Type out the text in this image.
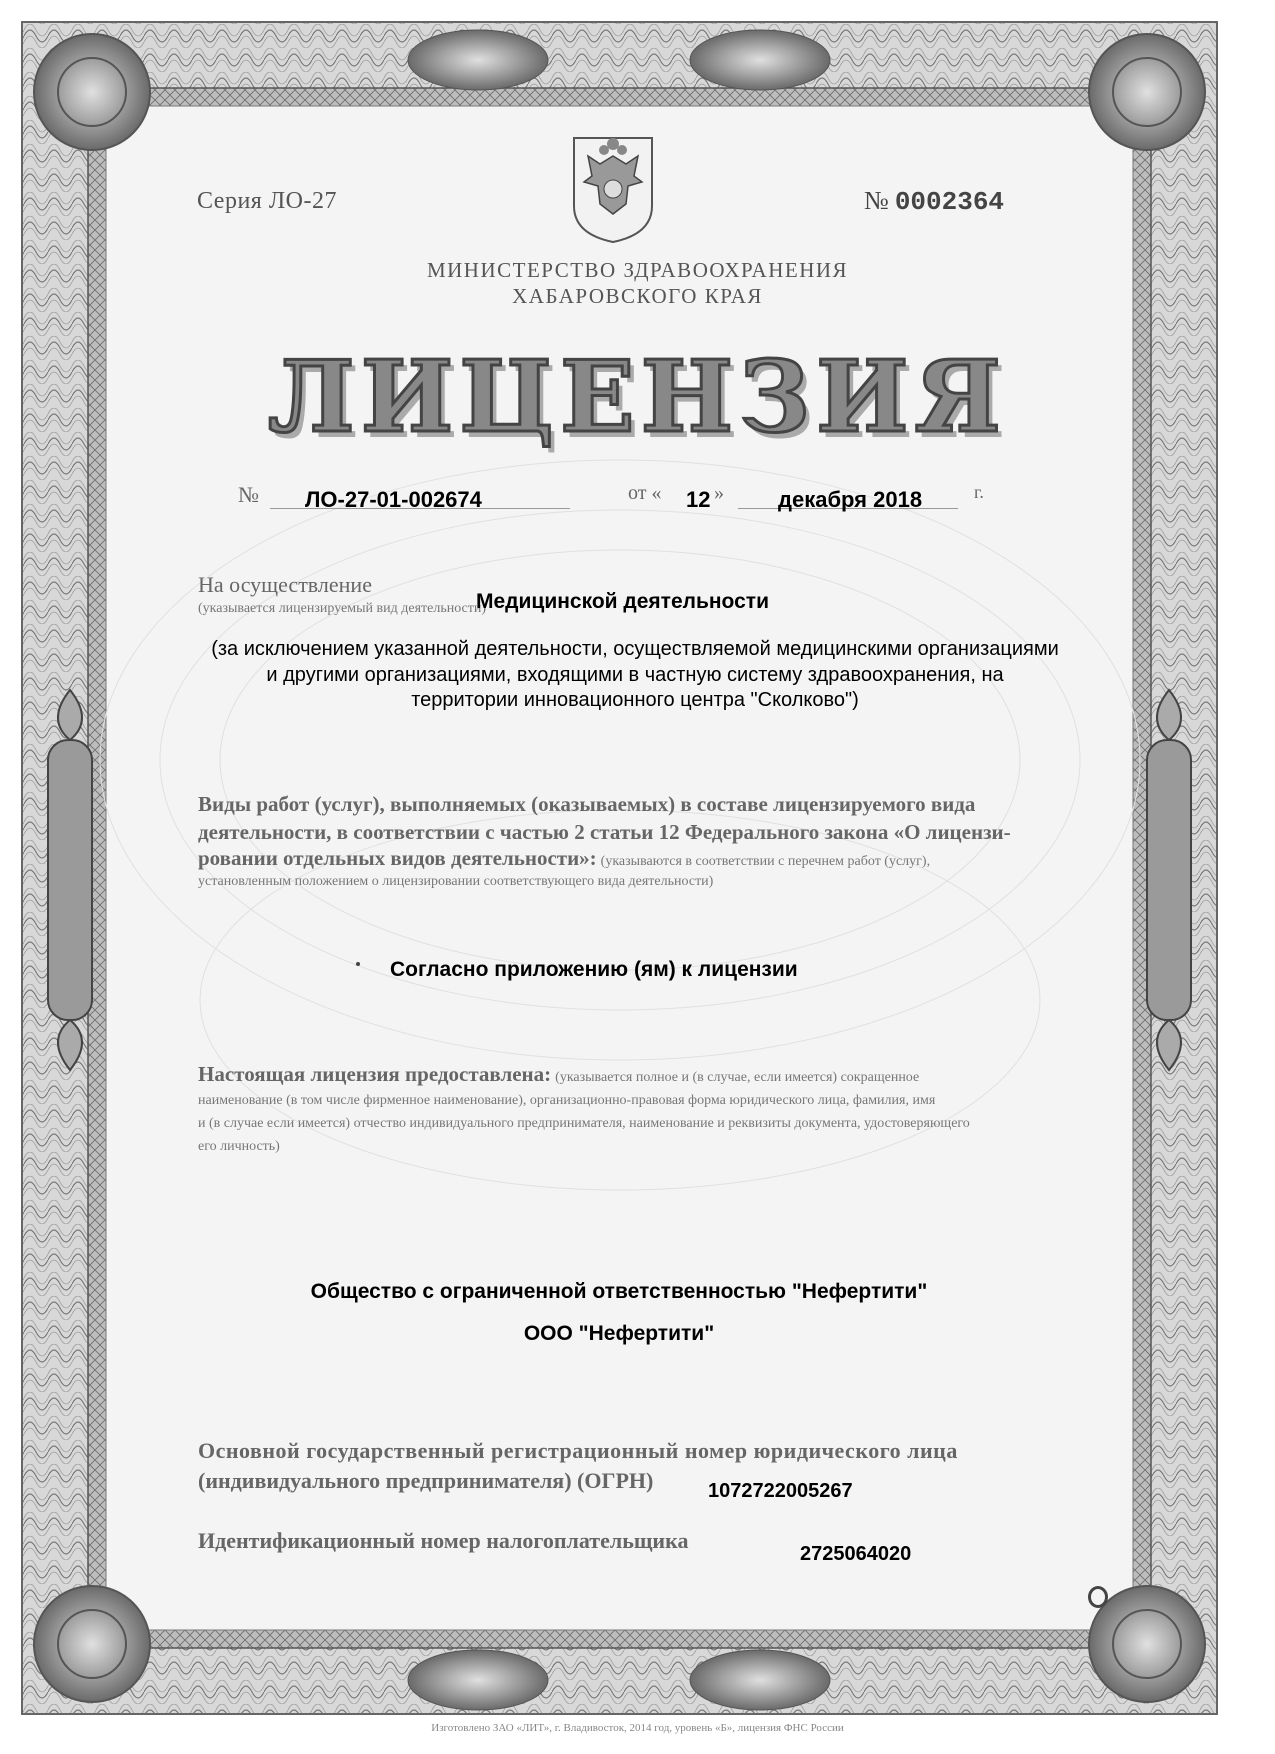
Серия ЛО-27	№ 0002364
МИНИСТЕРСТВО ЗДРАВООХРАНЕНИЯ
ХАБАРОВСКОГО КРАЯ
ЛИЦЕНЗИЯ
№ ЛО-27-01-002674	от « 12 » декабря 2018	г.
На осуществление
(указывается лицензируемый вид деятельности)
Медицинской деятельности
(за исключением указанной деятельности, осуществляемой медицинскими организациями
и другими организациями, входящими в частную систему здравоохранения, на
территории инновационного центра "Сколково")
Виды работ (услуг), выполняемых (оказываемых) в составе лицензируемого вида
деятельности, в соответствии с частью 2 статьи 12 Федерального закона «О лицензи-
ровании отдельных видов деятельности»: (указываются в соответствии с перечнем работ (услуг),
установленным положением о лицензировании соответствующего вида деятельности)
Согласно приложению (ям) к лицензии
Настоящая лицензия предоставлена: (указывается полное и (в случае, если имеется) сокращенное
наименование (в том числе фирменное наименование), организационно-правовая форма юридического лица, фамилия, имя
и (в случае если имеется) отчество индивидуального предпринимателя, наименование и реквизиты документа, удостоверяющего
его личность)
Общество с ограниченной ответственностью "Нефертити"
ООО "Нефертити"
Основной государственный регистрационный номер юридического лица
(индивидуального предпринимателя) (ОГРН)	1072722005267
Идентификационный номер налогоплательщика
2725064020
Изготовлено ЗАО «ЛИТ», г. Владивосток, 2014 год, уровень «Б», лицензия ФНС России
